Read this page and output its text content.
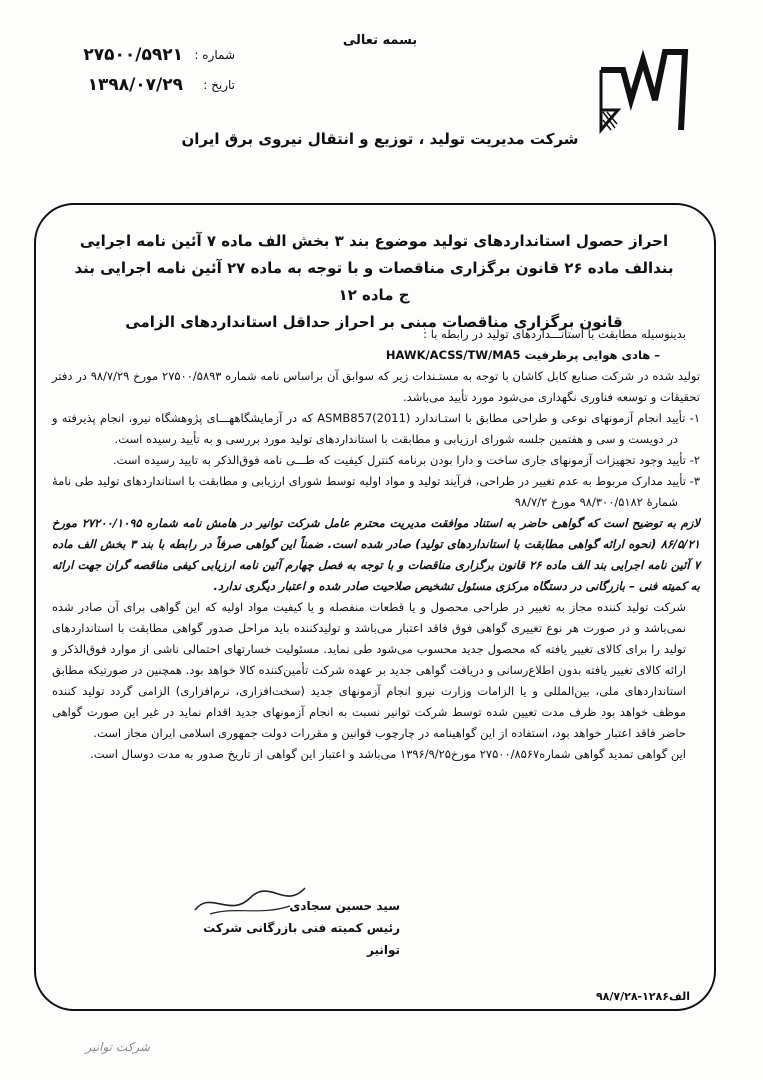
بسمه تعالی
شماره :
۲۷۵۰۰/۵۹۲۱
تاریخ :
۱۳۹۸/۰۷/۲۹
شرکت مدیریت تولید ، توزیع و انتقال نیروی برق ایران
احراز حصول استانداردهای تولید موضوع بند ۳ بخش الف ماده ۷ آئین نامه اجرایی
بندالف ماده ۲۶ قانون برگزاری مناقصات و با توجه به ماده ۲۷ آئین نامه اجرایی بند ج ماده ۱۲
قانون برگزاری مناقصات مبنی بر احراز حداقل استانداردهای الزامی

بدینوسیله مطابقت با استانـــداردهای تولید در رابطه با :

– هادی هوایی پرظرفیت HAWK/ACSS/TW/MA5

تولید شده در شرکت صنایع کابل کاشان با توجه به مستـندات زیر که سوابق آن براساس نامه شماره ۲۷۵۰۰/۵۸۹۳ مورخ ۹۸/۷/۲۹ در دفتر تحقیقات و توسعه فناوری نگهداری می‌شود مورد تأیید می‌باشد.

۱- تأیید انجام آزمونهای نوعی و طراحی مطابق با استـاندارد (ASMB857(2011 که در آزمایشگاههـــای پژوهشگاه نیرو، انجام پذیرفته و در دویست و سی و هفتمین جلسه شورای ارزیابی و مطابقت با استانداردهای تولید مورد بررسی و به تأیید رسیده است.

۲- تأیید وجود تجهیزات آزمونهای جاری ساخت و دارا بودن برنامه کنترل کیفیت که طـــی نامه فوق‌الذکر به تایید رسیده است.

۳- تأیید مدارک مربوط به عدم تغییر در طراحی، فرآیند تولید و مواد اولیه توسط شورای ارزیابی و مطابقت با استانداردهای تولید طی نامهٔ شمارهٔ ۹۸/۳۰۰/۵۱۸۲ مورخ ۹۸/۷/۲

لازم به توضیح است که گواهی حاضر به استناد موافقت مدیریت محترم عامل شرکت توانیر در هامش نامه شماره ۲۷۲۰۰/۱۰۹۵ مورخ ۸۶/۵/۲۱ (نحوه ارائه گواهی مطابقت با استانداردهای تولید) صادر شده است. ضمناً این گواهی صرفاً در رابطه با بند ۳ بخش الف ماده ۷ آئین نامه اجرایی بند الف ماده ۲۶ قانون برگزاری مناقصات و با توجه به فصل چهارم آئین نامه ارزیابی کیفی مناقصه گران جهت ارائه به کمیته فنی – بازرگانی در دستگاه مرکزی مسئول تشخیص صلاحیت صادر شده و اعتبار دیگری ندارد.

شرکت تولید کننده مجاز به تغییر در طراحی محصول و یا قطعات منفصله و یا کیفیت مواد اولیه که این گواهی برای آن صادر شده نمی‌باشد و در صورت هر نوع تغییری گواهی فوق فاقد اعتبار می‌باشد و تولیدکننده باید مراحل صدور گواهی مطابقت با استانداردهای تولید را برای کالای تغییر یافته که محصول جدید محسوب می‌شود طی نماید. مسئولیت خسارتهای احتمالی ناشی از موارد فوق‌الذکر و ارائه کالای تغییر یافته بدون اطلاع‌رسانی و دریافت گواهی جدید بر عهده شرکت تأمین‌کننده کالا خواهد بود. همچنین در صورتیکه مطابق استانداردهای ملی، بین‌المللی و یا الزامات وزارت نیرو انجام آزمونهای جدید (سخت‌افزاری، نرم‌افزاری) الزامی گردد تولید کننده موظف خواهد بود ظرف مدت تعیین شده توسط شرکت توانیر نسبت به انجام آزمونهای جدید اقدام نماید در غیر این صورت گواهی حاضر فاقد اعتبار خواهد بود، استفاده از این گواهینامه در چارچوب قوانین و مقررات دولت جمهوری اسلامی ایران مجاز است.

این گواهی تمدید گواهی شماره۲۷۵۰۰/۸۵۶۷ مورخ۱۳۹۶/۹/۲۵ می‌باشد و اعتبار این گواهی از تاریخ صدور به مدت دوسال است.

سید حسین سجادی
رئیس کمیته فنی بازرگانی شرکت توانیر
الف۱۲۸۶-۹۸/۷/۲۸
شرکت توانیر
